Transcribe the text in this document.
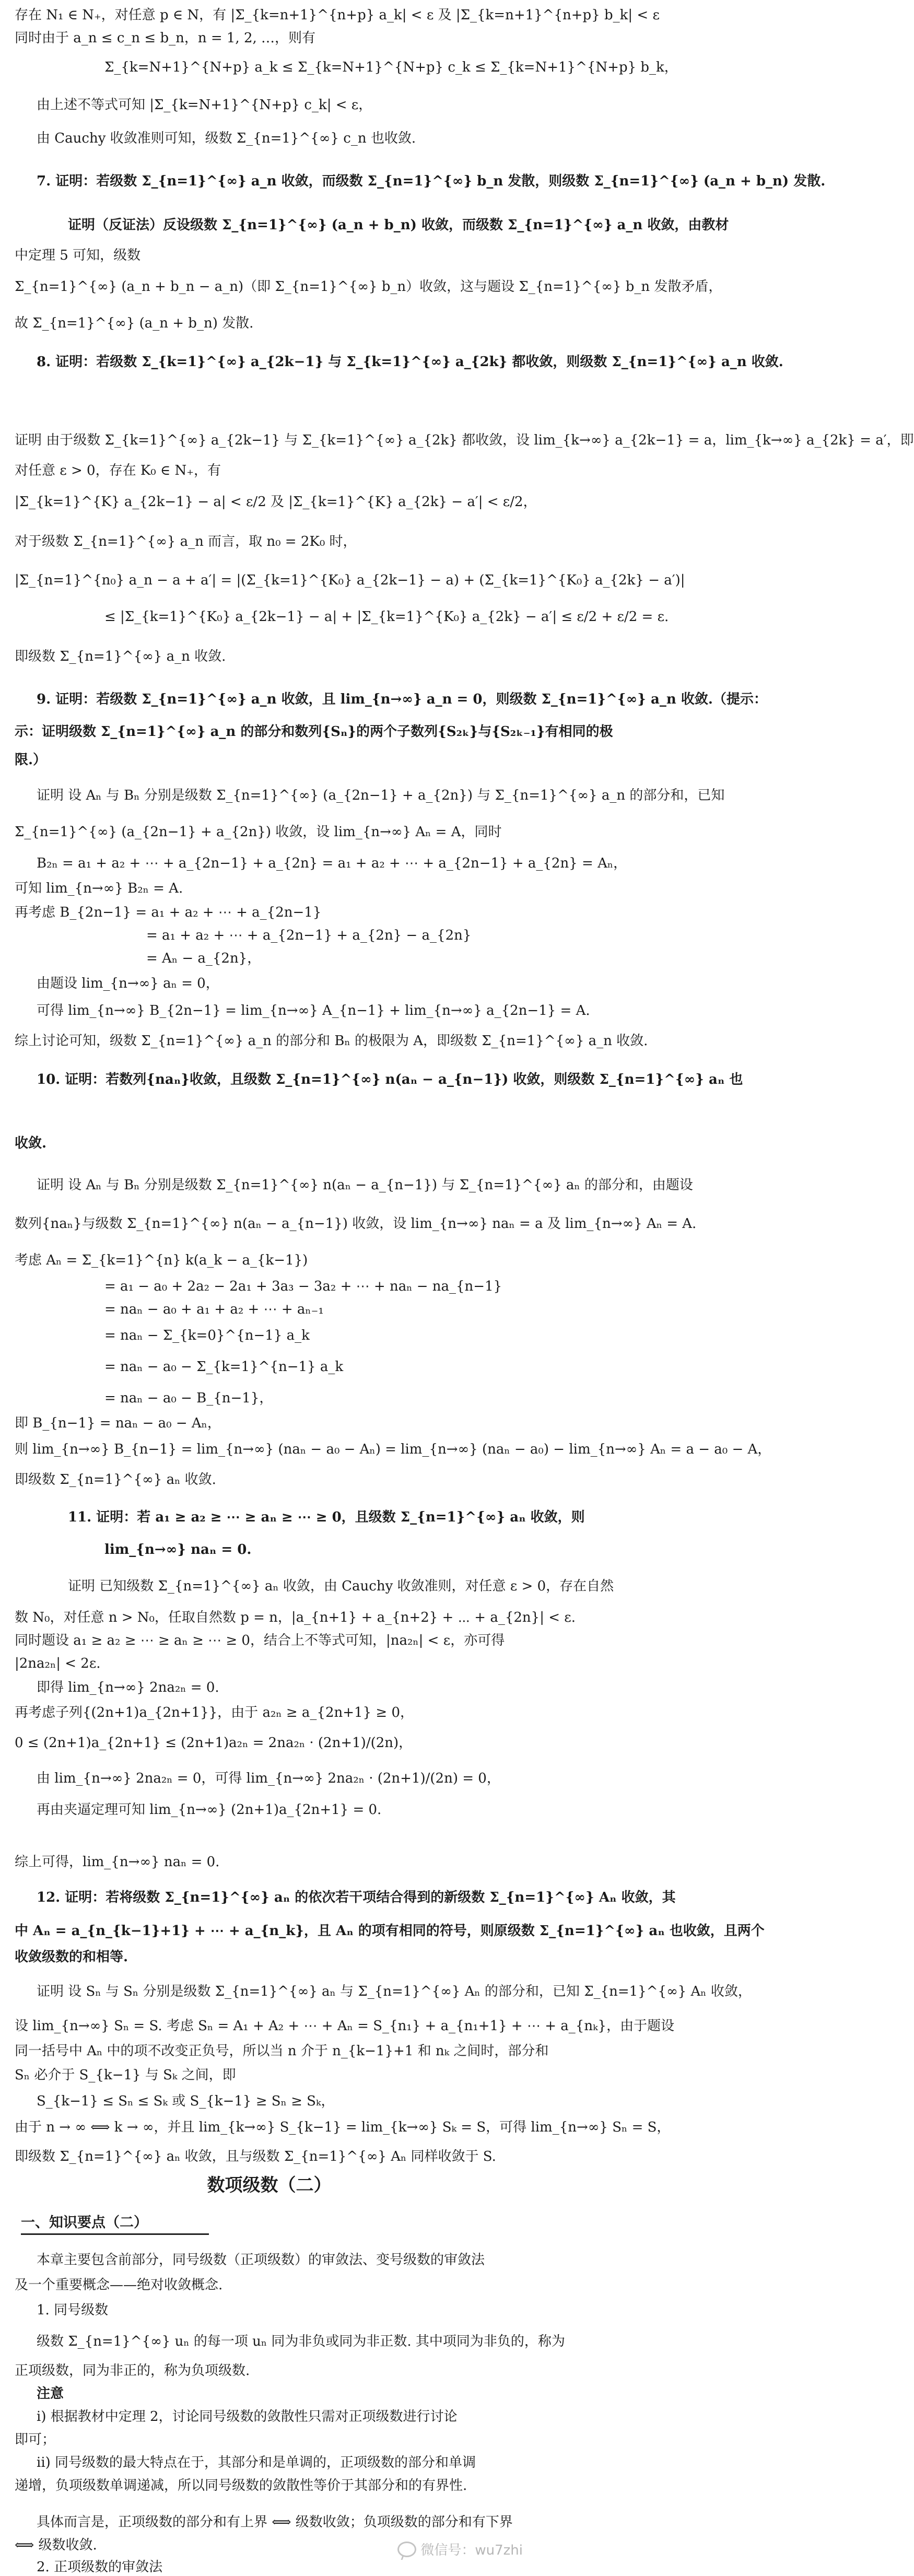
存在 N₁ ∈ N₊，对任意 p ∈ N，有 |Σ_{k=n+1}^{n+p} a_k| < ε 及 |Σ_{k=n+1}^{n+p} b_k| < ε
同时由于 a_n ≤ c_n ≤ b_n，n = 1, 2, …，则有
Σ_{k=N+1}^{N+p} a_k ≤ Σ_{k=N+1}^{N+p} c_k ≤ Σ_{k=N+1}^{N+p} b_k，
由上述不等式可知 |Σ_{k=N+1}^{N+p} c_k| < ε，
由 Cauchy 收敛准则可知，级数 Σ_{n=1}^{∞} c_n 也收敛.
7. 证明：若级数 Σ_{n=1}^{∞} a_n 收敛，而级数 Σ_{n=1}^{∞} b_n 发散，则级数 Σ_{n=1}^{∞} (a_n + b_n) 发散.
证明（反证法）反设级数 Σ_{n=1}^{∞} (a_n + b_n) 收敛，而级数 Σ_{n=1}^{∞} a_n 收敛，由教材
中定理 5 可知，级数
Σ_{n=1}^{∞} (a_n + b_n − a_n)（即 Σ_{n=1}^{∞} b_n）收敛，这与题设 Σ_{n=1}^{∞} b_n 发散矛盾，
故 Σ_{n=1}^{∞} (a_n + b_n) 发散.
8. 证明：若级数 Σ_{k=1}^{∞} a_{2k−1} 与 Σ_{k=1}^{∞} a_{2k} 都收敛，则级数 Σ_{n=1}^{∞} a_n 收敛.
证明 由于级数 Σ_{k=1}^{∞} a_{2k−1} 与 Σ_{k=1}^{∞} a_{2k} 都收敛，设 lim_{k→∞} a_{2k−1} = a，lim_{k→∞} a_{2k} = a′，即
对任意 ε > 0，存在 K₀ ∈ N₊，有
|Σ_{k=1}^{K} a_{2k−1} − a| < ε/2 及 |Σ_{k=1}^{K} a_{2k} − a′| < ε/2，
对于级数 Σ_{n=1}^{∞} a_n 而言，取 n₀ = 2K₀ 时，
|Σ_{n=1}^{n₀} a_n − a + a′| = |(Σ_{k=1}^{K₀} a_{2k−1} − a) + (Σ_{k=1}^{K₀} a_{2k} − a′)|
≤ |Σ_{k=1}^{K₀} a_{2k−1} − a| + |Σ_{k=1}^{K₀} a_{2k} − a′| ≤ ε/2 + ε/2 = ε.
即级数 Σ_{n=1}^{∞} a_n 收敛.
9. 证明：若级数 Σ_{n=1}^{∞} a_n 收敛，且 lim_{n→∞} a_n = 0，则级数 Σ_{n=1}^{∞} a_n 收敛.（提示：
示：证明级数 Σ_{n=1}^{∞} a_n 的部分和数列{Sₙ}的两个子数列{S₂ₖ}与{S₂ₖ₋₁}有相同的极
限.）
证明 设 Aₙ 与 Bₙ 分别是级数 Σ_{n=1}^{∞} (a_{2n−1} + a_{2n}) 与 Σ_{n=1}^{∞} a_n 的部分和，已知
Σ_{n=1}^{∞} (a_{2n−1} + a_{2n}) 收敛，设 lim_{n→∞} Aₙ = A，同时
B₂ₙ = a₁ + a₂ + ⋯ + a_{2n−1} + a_{2n} = a₁ + a₂ + ⋯ + a_{2n−1} + a_{2n} = Aₙ，
可知 lim_{n→∞} B₂ₙ = A.
再考虑 B_{2n−1} = a₁ + a₂ + ⋯ + a_{2n−1}
= a₁ + a₂ + ⋯ + a_{2n−1} + a_{2n} − a_{2n}
= Aₙ − a_{2n}，
由题设 lim_{n→∞} aₙ = 0，
可得 lim_{n→∞} B_{2n−1} = lim_{n→∞} A_{n−1} + lim_{n→∞} a_{2n−1} = A.
综上讨论可知，级数 Σ_{n=1}^{∞} a_n 的部分和 Bₙ 的极限为 A，即级数 Σ_{n=1}^{∞} a_n 收敛.
10. 证明：若数列{naₙ}收敛，且级数 Σ_{n=1}^{∞} n(aₙ − a_{n−1}) 收敛，则级数 Σ_{n=1}^{∞} aₙ 也
收敛.
证明 设 Aₙ 与 Bₙ 分别是级数 Σ_{n=1}^{∞} n(aₙ − a_{n−1}) 与 Σ_{n=1}^{∞} aₙ 的部分和，由题设
数列{naₙ}与级数 Σ_{n=1}^{∞} n(aₙ − a_{n−1}) 收敛，设 lim_{n→∞} naₙ = a 及 lim_{n→∞} Aₙ = A.
考虑 Aₙ = Σ_{k=1}^{n} k(a_k − a_{k−1})
= a₁ − a₀ + 2a₂ − 2a₁ + 3a₃ − 3a₂ + ⋯ + naₙ − na_{n−1}
= naₙ − a₀ + a₁ + a₂ + ⋯ + aₙ₋₁
= naₙ − Σ_{k=0}^{n−1} a_k
= naₙ − a₀ − Σ_{k=1}^{n−1} a_k
= naₙ − a₀ − B_{n−1}，
即 B_{n−1} = naₙ − a₀ − Aₙ，
则 lim_{n→∞} B_{n−1} = lim_{n→∞} (naₙ − a₀ − Aₙ) = lim_{n→∞} (naₙ − a₀) − lim_{n→∞} Aₙ = a − a₀ − A，
即级数 Σ_{n=1}^{∞} aₙ 收敛.
11. 证明：若 a₁ ≥ a₂ ≥ ⋯ ≥ aₙ ≥ ⋯ ≥ 0，且级数 Σ_{n=1}^{∞} aₙ 收敛，则
lim_{n→∞} naₙ = 0.
证明 已知级数 Σ_{n=1}^{∞} aₙ 收敛，由 Cauchy 收敛准则，对任意 ε > 0，存在自然
数 N₀，对任意 n > N₀，任取自然数 p = n，|a_{n+1} + a_{n+2} + ⋯ + a_{2n}| < ε.
同时题设 a₁ ≥ a₂ ≥ ⋯ ≥ aₙ ≥ ⋯ ≥ 0，结合上不等式可知，|na₂ₙ| < ε，亦可得
|2na₂ₙ| < 2ε.
即得 lim_{n→∞} 2na₂ₙ = 0.
再考虑子列{(2n+1)a_{2n+1}}，由于 a₂ₙ ≥ a_{2n+1} ≥ 0，
0 ≤ (2n+1)a_{2n+1} ≤ (2n+1)a₂ₙ = 2na₂ₙ · (2n+1)/(2n)，
由 lim_{n→∞} 2na₂ₙ = 0，可得 lim_{n→∞} 2na₂ₙ · (2n+1)/(2n) = 0，
再由夹逼定理可知 lim_{n→∞} (2n+1)a_{2n+1} = 0.
综上可得，lim_{n→∞} naₙ = 0.
12. 证明：若将级数 Σ_{n=1}^{∞} aₙ 的依次若干项结合得到的新级数 Σ_{n=1}^{∞} Aₙ 收敛，其
中 Aₙ = a_{n_{k−1}+1} + ⋯ + a_{n_k}，且 Aₙ 的项有相同的符号，则原级数 Σ_{n=1}^{∞} aₙ 也收敛，且两个
收敛级数的和相等.
证明 设 Sₙ 与 Sₙ 分别是级数 Σ_{n=1}^{∞} aₙ 与 Σ_{n=1}^{∞} Aₙ 的部分和，已知 Σ_{n=1}^{∞} Aₙ 收敛，
设 lim_{n→∞} Sₙ = S. 考虑 Sₙ = A₁ + A₂ + ⋯ + Aₙ = S_{n₁} + a_{n₁+1} + ⋯ + a_{nₖ}，由于题设
同一括号中 Aₙ 中的项不改变正负号，所以当 n 介于 n_{k−1}+1 和 nₖ 之间时，部分和
Sₙ 必介于 S_{k−1} 与 Sₖ 之间，即
S_{k−1} ≤ Sₙ ≤ Sₖ 或 S_{k−1} ≥ Sₙ ≥ Sₖ，
由于 n → ∞ ⟺ k → ∞，并且 lim_{k→∞} S_{k−1} = lim_{k→∞} Sₖ = S，可得 lim_{n→∞} Sₙ = S，
即级数 Σ_{n=1}^{∞} aₙ 收敛，且与级数 Σ_{n=1}^{∞} Aₙ 同样收敛于 S.
本章主要包含前部分，同号级数（正项级数）的审敛法、变号级数的审敛法
及一个重要概念——绝对收敛概念.
1. 同号级数
级数 Σ_{n=1}^{∞} uₙ 的每一项 uₙ 同为非负或同为非正数. 其中项同为非负的，称为
正项级数，同为非正的，称为负项级数.
注意
i) 根据教材中定理 2，讨论同号级数的敛散性只需对正项级数进行讨论
即可；
ii) 同号级数的最大特点在于，其部分和是单调的，正项级数的部分和单调
递增，负项级数单调递减，所以同号级数的敛散性等价于其部分和的有界性.
具体而言是，正项级数的部分和有上界 ⟺ 级数收敛；负项级数的部分和有下界
⟺ 级数收敛.
2. 正项级数的审敛法
数项级数（二）
一、知识要点（二）
微信号：wu7zhi
